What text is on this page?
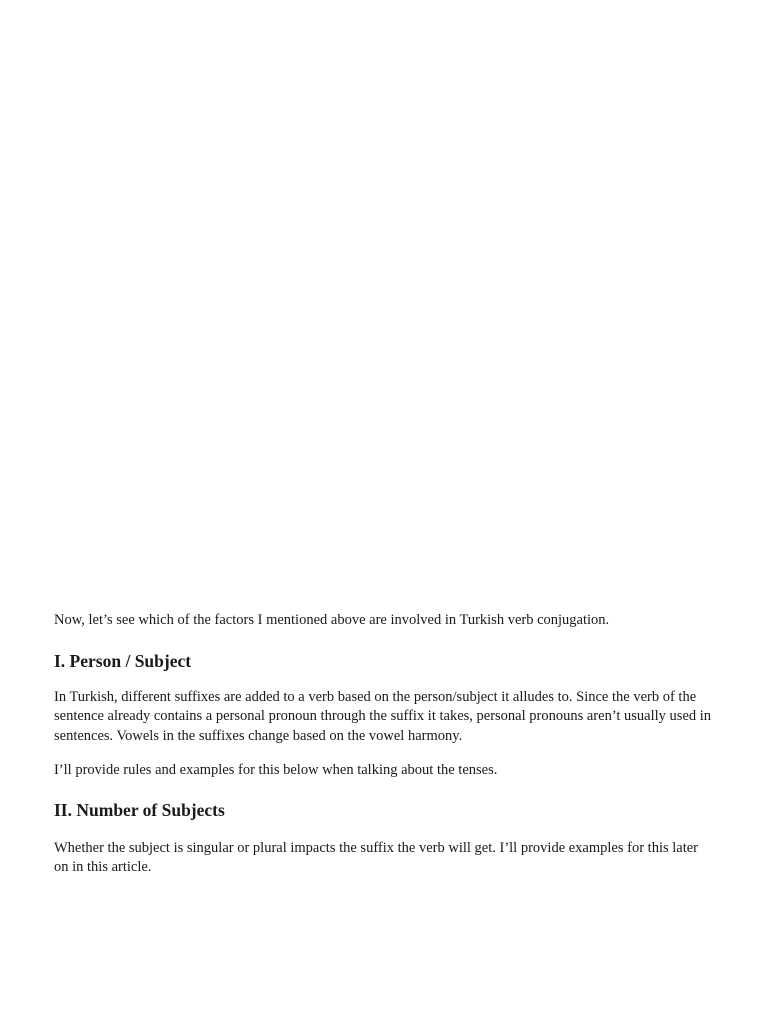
Now, let’s see which of the factors I mentioned above are involved in Turkish verb conjugation.

I. Person / Subject

In Turkish, different suffixes are added to a verb based on the person/subject it alludes to. Since the verb of the sentence already contains a personal pronoun through the suffix it takes, personal pronouns aren’t usually used in sentences. Vowels in the suffixes change based on the vowel harmony.

I’ll provide rules and examples for this below when talking about the tenses.

II. Number of Subjects

Whether the subject is singular or plural impacts the suffix the verb will get. I’ll provide examples for this later on in this article.
